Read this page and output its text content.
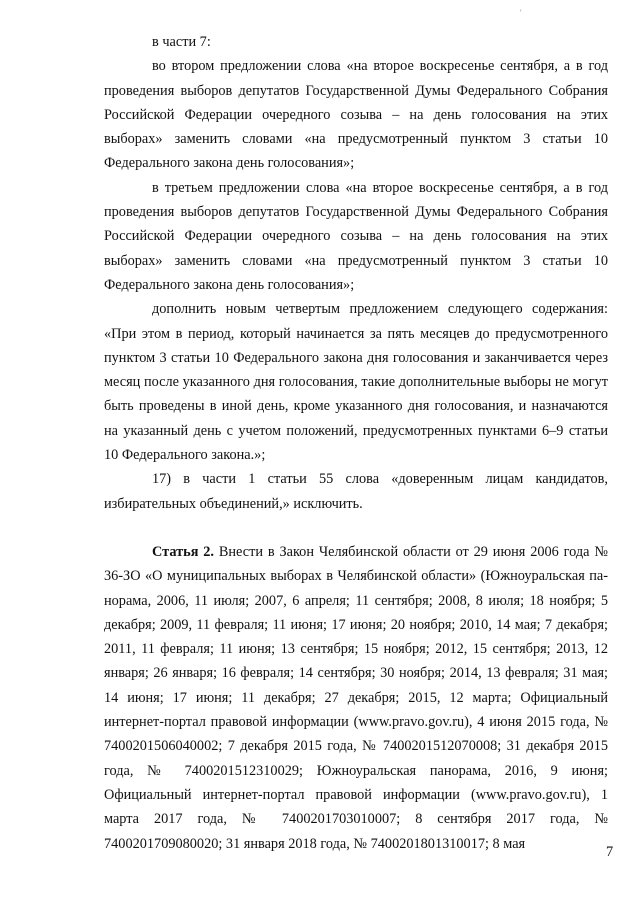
'

в части 7:

во втором предложении слова «на второе воскресенье сентября, а в год проведения выборов депутатов Государственной Думы Федерального Собрания Российской Федерации очередного созыва – на день голосования на этих выборах» заменить словами «на предусмотренный пунктом 3 статьи 10 Федерального закона день голосования»;

в третьем предложении слова «на второе воскресенье сентября, а в год проведения выборов депутатов Государственной Думы Федерального Собрания Российской Федерации очередного созыва – на день голосования на этих выборах» заменить словами «на предусмотренный пунктом 3 статьи 10 Федерального закона день голосования»;

дополнить новым четвертым предложением следующего содержания: «При этом в период, который начинается за пять месяцев до предусмотренного пунктом 3 статьи 10 Федерального закона дня голосования и заканчивается через месяц после указанного дня голосования, такие дополнительные выборы не могут быть проведены в иной день, кроме указанного дня голосования, и назначаются на указанный день с учетом положений, предусмотренных пунктами 6–9 статьи 10 Федерального закона.»;

17) в части 1 статьи 55 слова «доверенным лицам кандидатов, избирательных объединений,» исключить.

Статья 2. Внести в Закон Челябинской области от 29 июня 2006 года № 36-ЗО «О муниципальных выборах в Челябинской области» (Южноуральская панорама, 2006, 11 июля; 2007, 6 апреля; 11 сентября; 2008, 8 июля; 18 ноября; 5 декабря; 2009, 11 февраля; 11 июня; 17 июня; 20 ноября; 2010, 14 мая; 7 декабря; 2011, 11 февраля; 11 июня; 13 сентября; 15 ноября; 2012, 15 сентября; 2013, 12 января; 26 января; 16 февраля; 14 сентября; 30 ноября; 2014, 13 февраля; 31 мая; 14 июня; 17 июня; 11 декабря; 27 декабря; 2015, 12 марта; Официальный интернет-портал правовой информации (www.pravo.gov.ru), 4 июня 2015 года, № 7400201506040002; 7 декабря 2015 года, № 7400201512070008; 31 декабря 2015 года, № 7400201512310029; Южноуральская панорама, 2016, 9 июня; Официальный интернет-портал правовой информации (www.pravo.gov.ru), 1 марта 2017 года, № 7400201703010007; 8 сентября 2017 года, № 7400201709080020; 31 января 2018 года, № 7400201801310017; 8 мая

7
